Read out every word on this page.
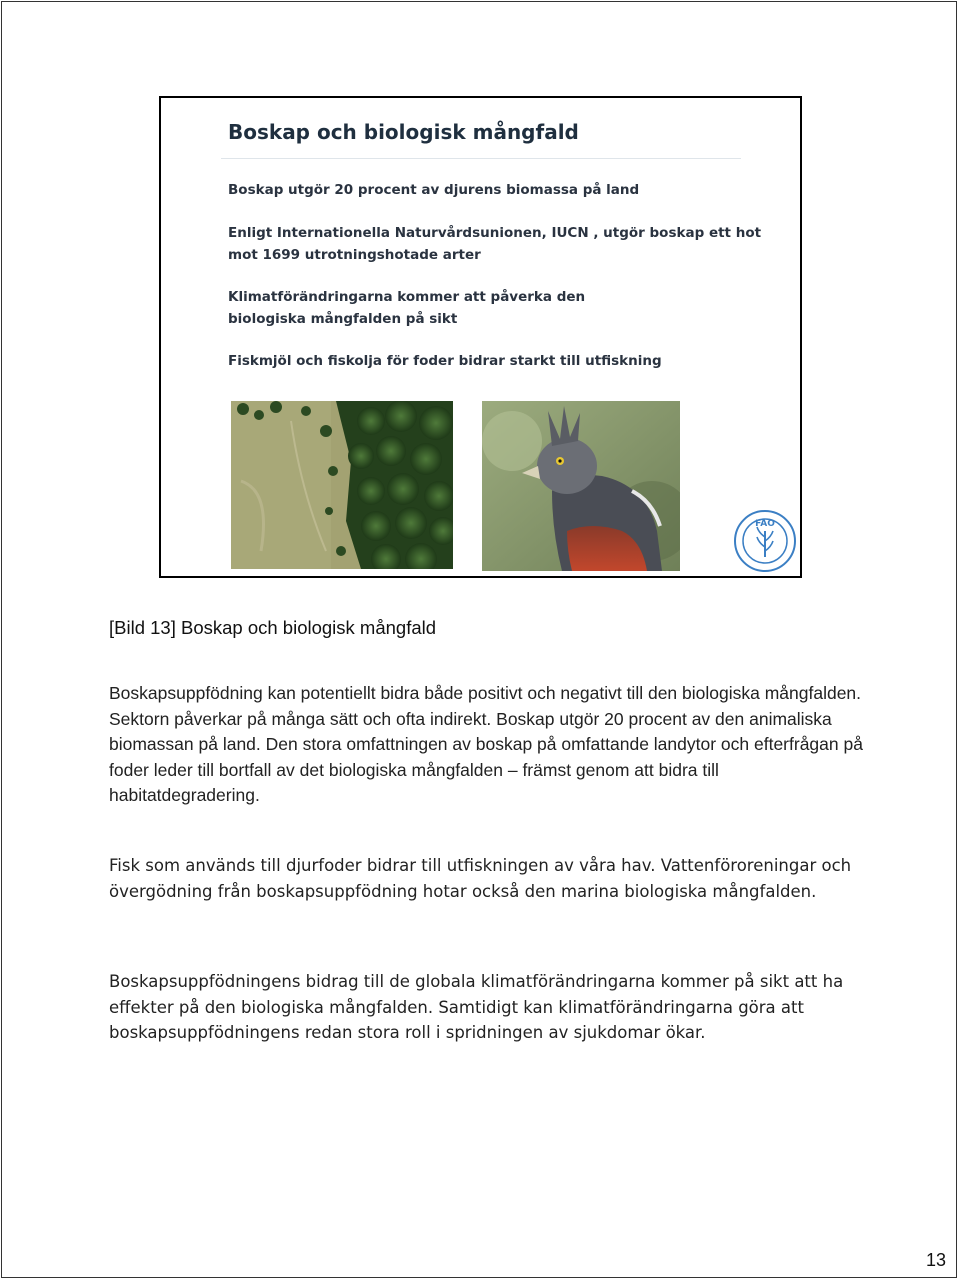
Boskap och biologisk mångfald

Boskap utgör 20 procent av djurens biomassa på land

Enligt Internationella Naturvårdsunionen, IUCN , utgör boskap ett hot mot 1699 utrotningshotade arter

Klimatförändringarna kommer att påverka den biologiska mångfalden på sikt

Fiskmjöl och fiskolja för foder bidrar starkt till utfiskning

FAO

[Bild 13] Boskap och biologisk mångfald

Boskapsuppfödning kan potentiellt bidra både positivt och negativt till den biologiska mångfalden. Sektorn påverkar på många sätt och ofta indirekt. Boskap utgör 20 procent av den animaliska biomassan på land. Den stora omfattningen av boskap på omfattande landytor och efterfrågan på foder leder till bortfall av det biologiska mångfalden – främst genom att bidra till habitatdegradering.

Fisk som används till djurfoder bidrar till utfiskningen av våra hav. Vattenföroreningar och övergödning från boskapsuppfödning hotar också den marina biologiska mångfalden.

Boskapsuppfödningens bidrag till de globala klimatförändringarna kommer på sikt att ha effekter på den biologiska mångfalden. Samtidigt kan klimatförändringarna göra att boskapsuppfödningens redan stora roll i spridningen av sjukdomar ökar.

13
